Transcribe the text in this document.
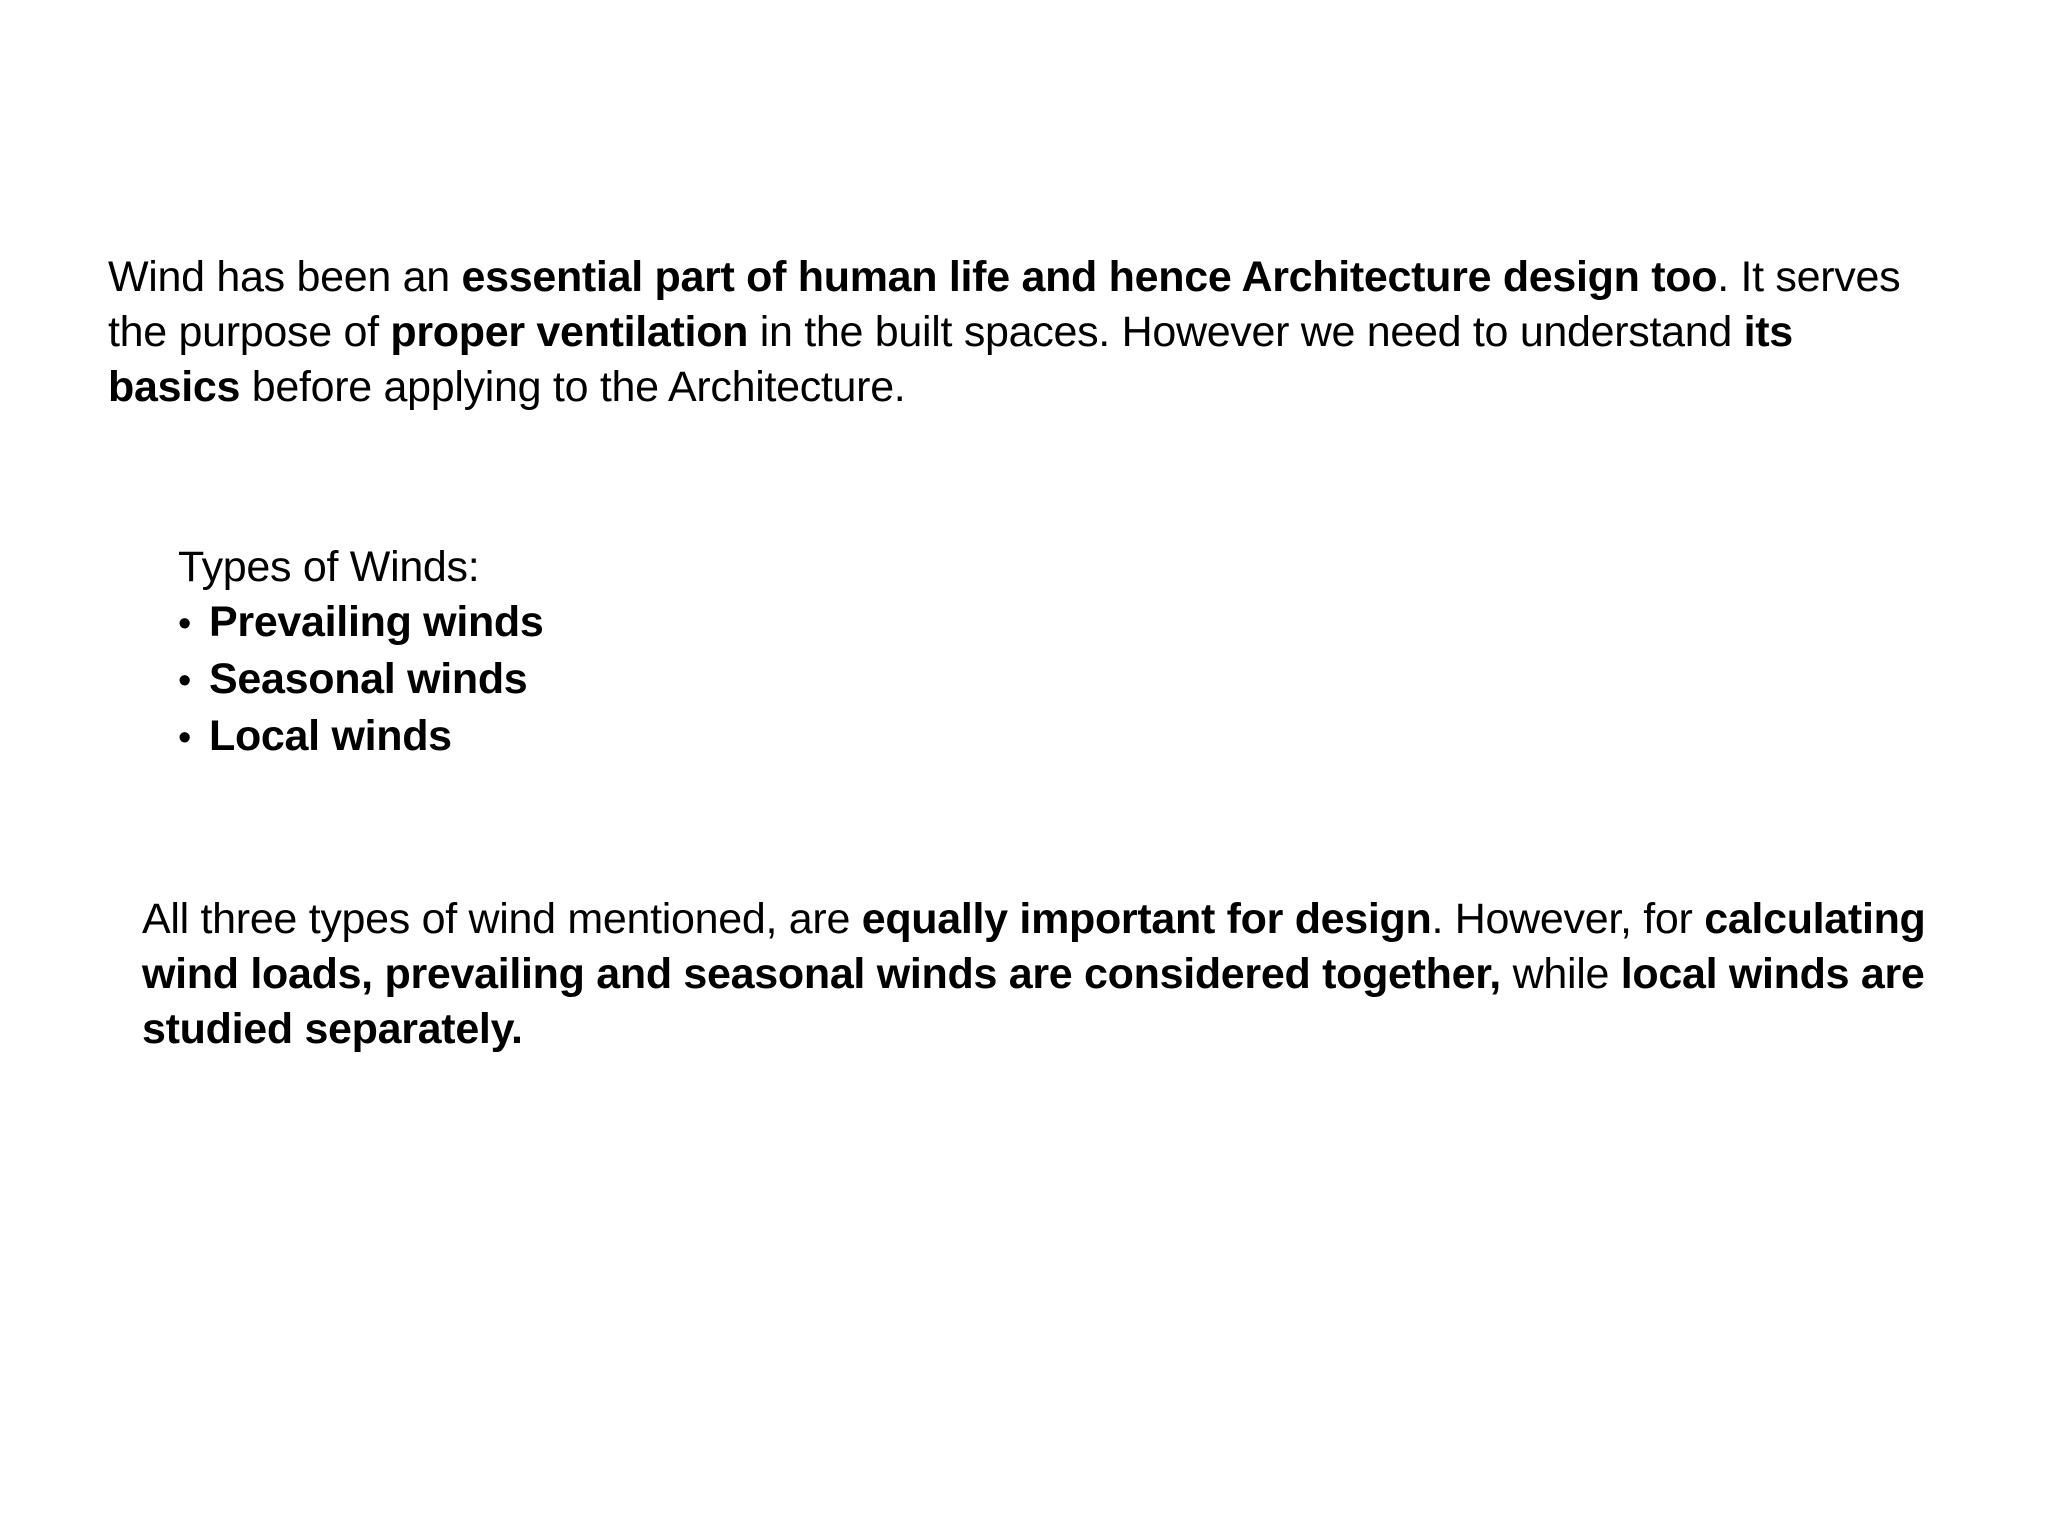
Wind has been an essential part of human life and hence Architecture design too. It serves the purpose of proper ventilation in the built spaces. However we need to understand its basics before applying to the Architecture.

Types of Winds:

• Prevailing winds
• Seasonal winds
• Local winds

All three types of wind mentioned, are equally important for design. However, for calculating wind loads, prevailing and seasonal winds are considered together, while local winds are studied separately.
